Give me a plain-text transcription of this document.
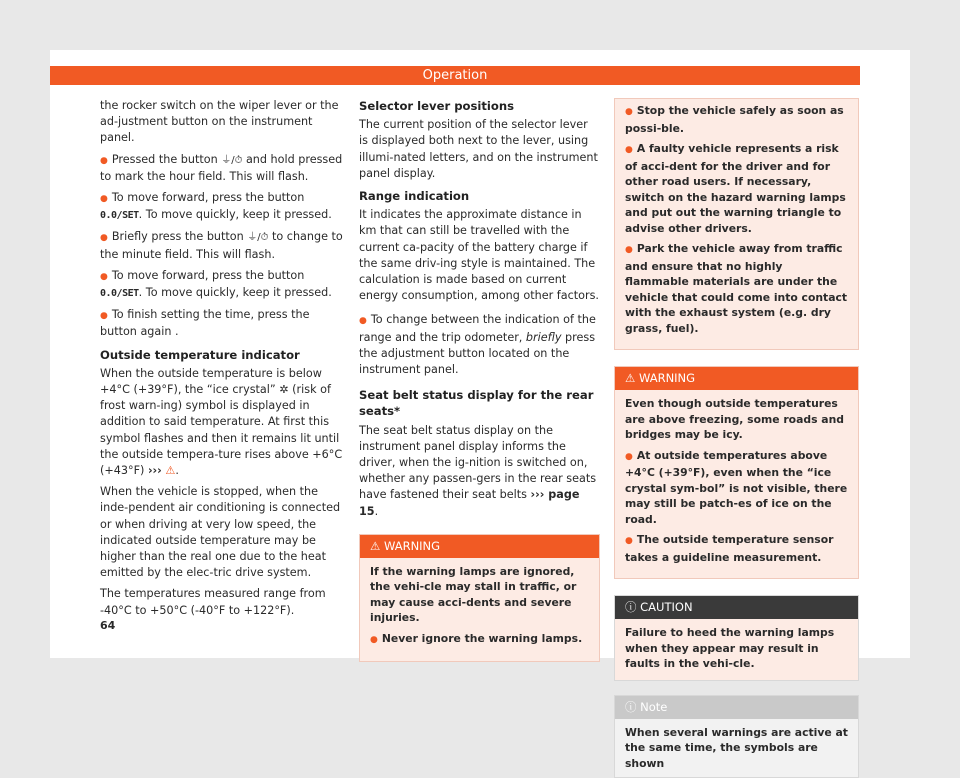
Operation

the rocker switch on the wiper lever or the ad-justment button on the instrument panel.

● Pressed the button ⏚/⏱ and hold pressed to mark the hour field. This will flash.

● To move forward, press the button 0.0/SET. To move quickly, keep it pressed.

● Briefly press the button ⏚/⏱ to change to the minute field. This will flash.

● To move forward, press the button 0.0/SET. To move quickly, keep it pressed.

● To finish setting the time, press the button again .

Outside temperature indicator

When the outside temperature is below +4°C (+39°F), the “ice crystal” ✲ (risk of frost warn-ing) symbol is displayed in addition to said temperature. At first this symbol flashes and then it remains lit until the outside tempera-ture rises above +6°C (+43°F) ››› ⚠.

When the vehicle is stopped, when the inde-pendent air conditioning is connected or when driving at very low speed, the indicated outside temperature may be higher than the real one due to the heat emitted by the elec-tric drive system.

The temperatures measured range from -40°C to +50°C (-40°F to +122°F).

Selector lever positions

The current position of the selector lever is displayed both next to the lever, using illumi-nated letters, and on the instrument panel display.

Range indication

It indicates the approximate distance in km that can still be travelled with the current ca-pacity of the battery charge if the same driv-ing style is maintained. The calculation is made based on current energy consumption, among other factors.

● To change between the indication of the range and the trip odometer, briefly press the adjustment button located on the instrument panel.

Seat belt status display for the rear seats*

The seat belt status display on the instrument panel display informs the driver, when the ig-nition is switched on, whether any passen-gers in the rear seats have fastened their seat belts ››› page 15.

⚠ WARNING

If the warning lamps are ignored, the vehi-cle may stall in traffic, or may cause acci-dents and severe injuries.

● Never ignore the warning lamps.

● Stop the vehicle safely as soon as possi-ble.

● A faulty vehicle represents a risk of acci-dent for the driver and for other road users. If necessary, switch on the hazard warning lamps and put out the warning triangle to advise other drivers.

● Park the vehicle away from traffic and ensure that no highly flammable materials are under the vehicle that could come into contact with the exhaust system (e.g. dry grass, fuel).

⚠ WARNING

Even though outside temperatures are above freezing, some roads and bridges may be icy.

● At outside temperatures above +4°C (+39°F), even when the “ice crystal sym-bol” is not visible, there may still be patch-es of ice on the road.

● The outside temperature sensor takes a guideline measurement.

ⓘ CAUTION
Failure to heed the warning lamps when they appear may result in faults in the vehi-cle.
ⓘ Note
When several warnings are active at the same time, the symbols are shown
64
